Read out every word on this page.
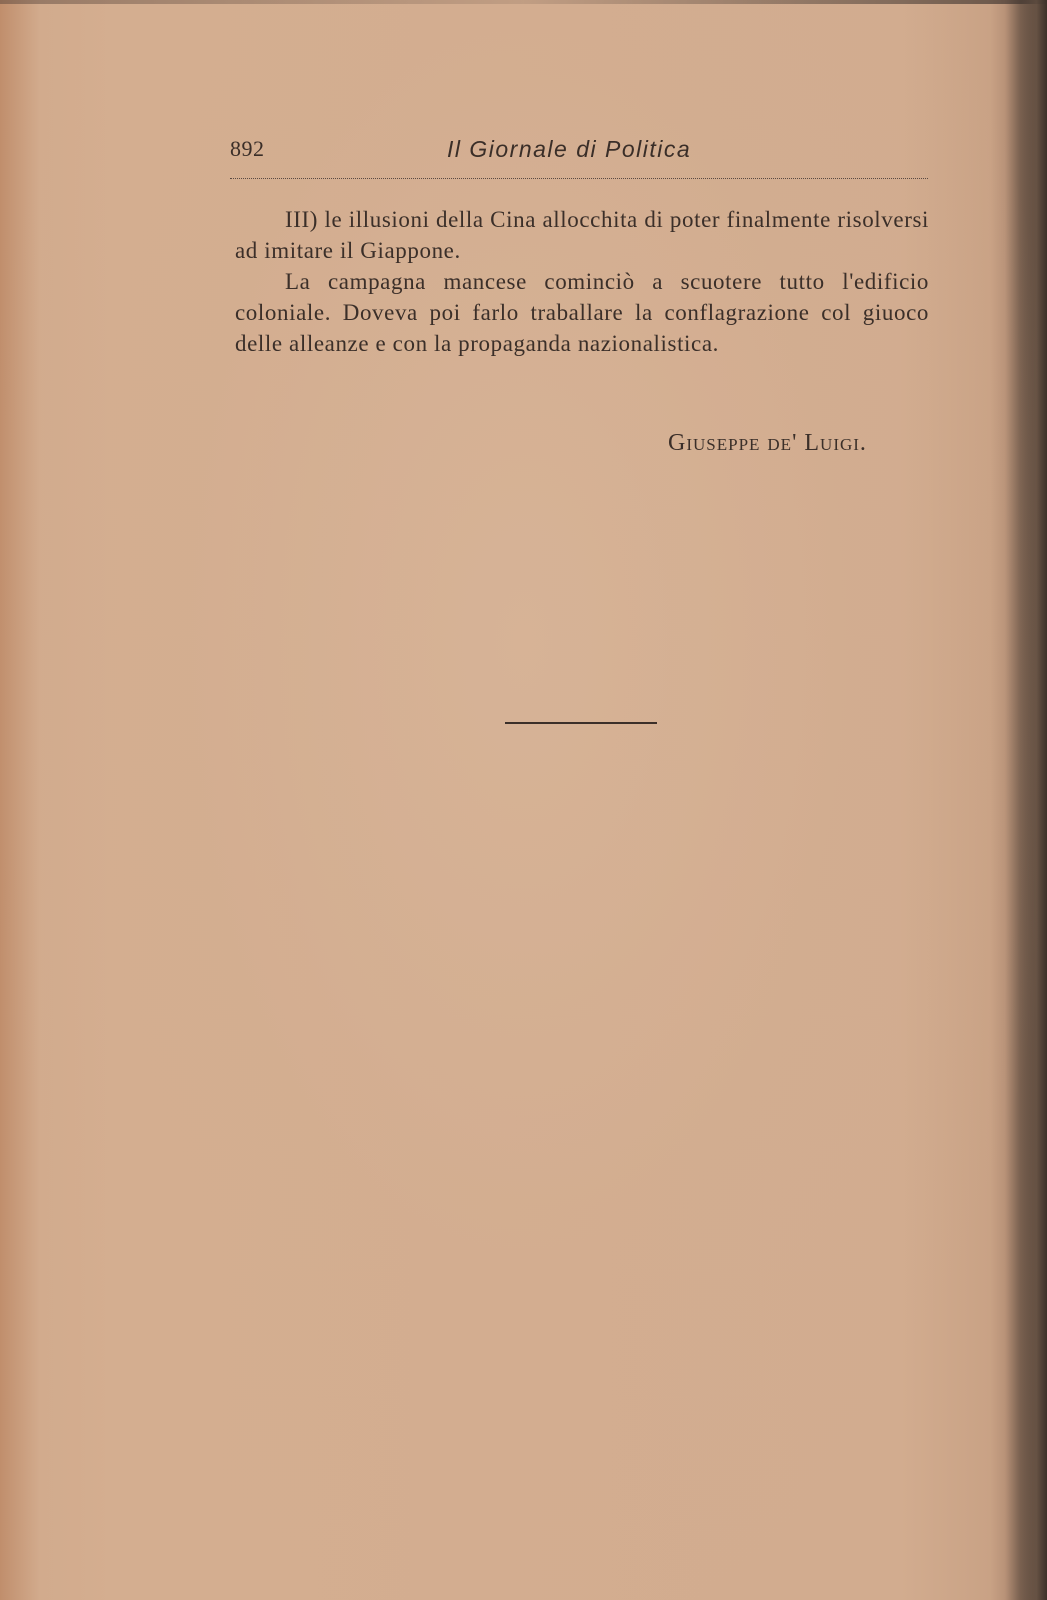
892	Il Giornale di Politica

III) le illusioni della Cina allocchita di poter finalmente risolversi ad imitare il Giappone.

La campagna mancese cominciò a scuotere tutto l'edificio coloniale. Doveva poi farlo traballare la conflagrazione col giuoco delle alleanze e con la propaganda nazionalistica.

Giuseppe de' Luigi.
